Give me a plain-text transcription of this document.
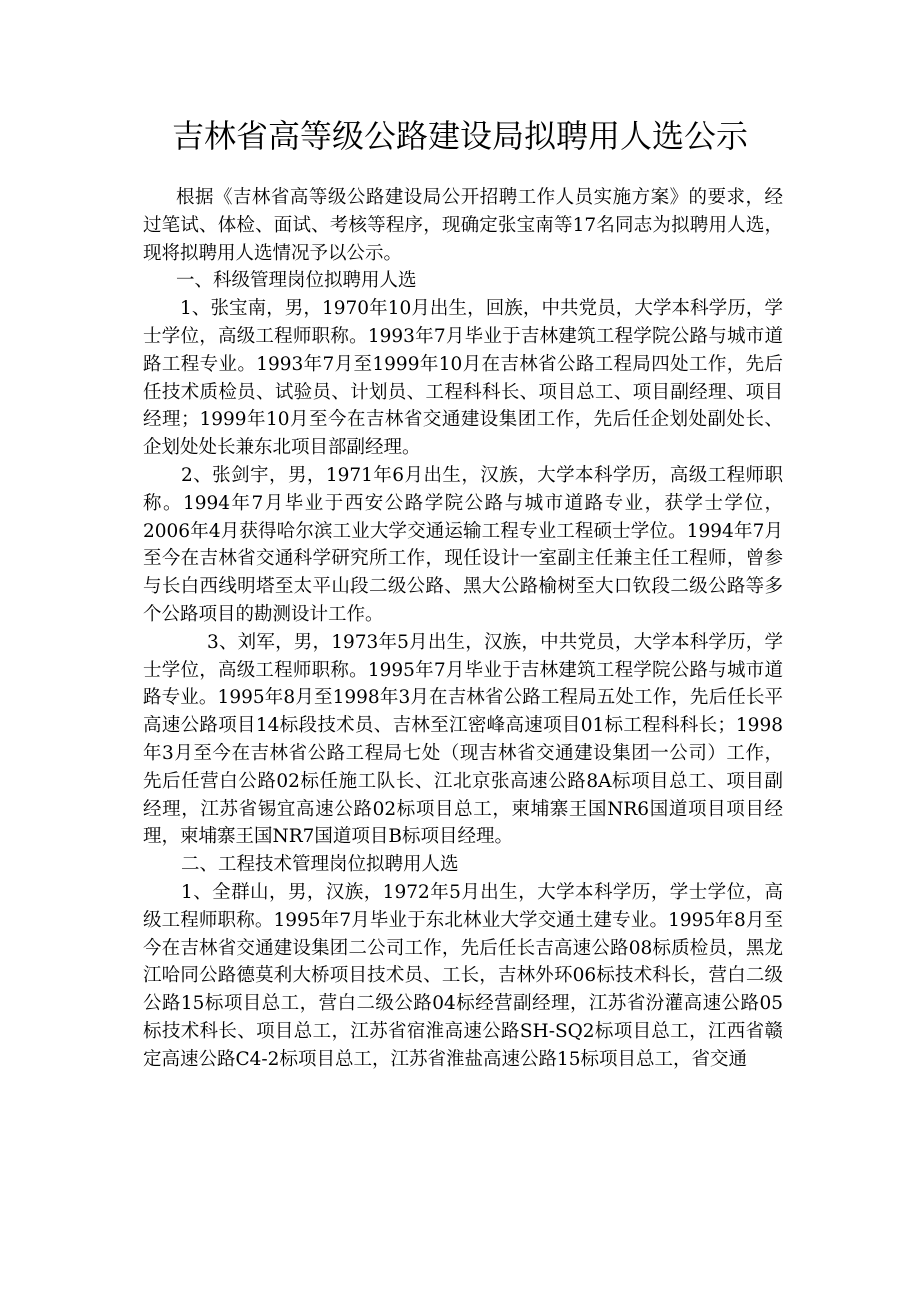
吉林省高等级公路建设局拟聘用人选公示

根据《吉林省高等级公路建设局公开招聘工作人员实施方案》的要求，经过笔试、体检、面试、考核等程序，现确定张宝南等17名同志为拟聘用人选，现将拟聘用人选情况予以公示。

一、科级管理岗位拟聘用人选

1、张宝南，男，1970年10月出生，回族，中共党员，大学本科学历，学士学位，高级工程师职称。1993年7月毕业于吉林建筑工程学院公路与城市道路工程专业。1993年7月至1999年10月在吉林省公路工程局四处工作，先后任技术质检员、试验员、计划员、工程科科长、项目总工、项目副经理、项目经理；1999年10月至今在吉林省交通建设集团工作，先后任企划处副处长、企划处处长兼东北项目部副经理。

2、张剑宇，男，1971年6月出生，汉族，大学本科学历，高级工程师职称。1994年7月毕业于西安公路学院公路与城市道路专业，获学士学位，2006年4月获得哈尔滨工业大学交通运输工程专业工程硕士学位。1994年7月至今在吉林省交通科学研究所工作，现任设计一室副主任兼主任工程师，曾参与长白西线明塔至太平山段二级公路、黑大公路榆树至大口钦段二级公路等多个公路项目的勘测设计工作。

3、刘军，男，1973年5月出生，汉族，中共党员，大学本科学历，学士学位，高级工程师职称。1995年7月毕业于吉林建筑工程学院公路与城市道路专业。1995年8月至1998年3月在吉林省公路工程局五处工作，先后任长平高速公路项目14标段技术员、吉林至江密峰高速项目01标工程科科长；1998年3月至今在吉林省公路工程局七处（现吉林省交通建设集团一公司）工作，先后任营白公路02标任施工队长、江北京张高速公路8A标项目总工、项目副经理，江苏省锡宜高速公路02标项目总工，柬埔寨王国NR6国道项目项目经理，柬埔寨王国NR7国道项目B标项目经理。

二、工程技术管理岗位拟聘用人选

1、全群山，男，汉族，1972年5月出生，大学本科学历，学士学位，高级工程师职称。1995年7月毕业于东北林业大学交通土建专业。1995年8月至今在吉林省交通建设集团二公司工作，先后任长吉高速公路08标质检员，黑龙江哈同公路德莫利大桥项目技术员、工长，吉林外环06标技术科长，营白二级公路15标项目总工，营白二级公路04标经营副经理，江苏省汾灌高速公路05标技术科长、项目总工，江苏省宿淮高速公路SH-SQ2标项目总工，江西省赣定高速公路C4-2标项目总工，江苏省淮盐高速公路15标项目总工，省交通
